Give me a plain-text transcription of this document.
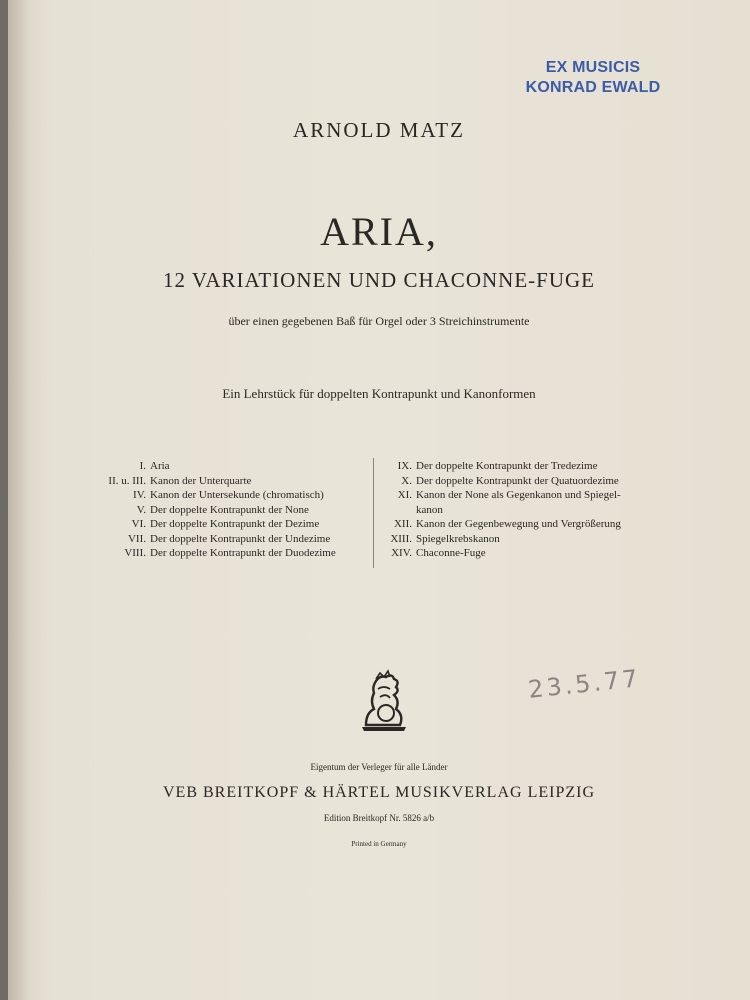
EX MUSICIS
KONRAD EWALD
ARNOLD MATZ
ARIA,
12 VARIATIONEN UND CHACONNE-FUGE
über einen gegebenen Baß für Orgel oder 3 Streichinstrumente
Ein Lehrstück für doppelten Kontrapunkt und Kanonformen
I. Aria
II. u. III. Kanon der Unterquarte
IV. Kanon der Untersekunde (chromatisch)
V. Der doppelte Kontrapunkt der None
VI. Der doppelte Kontrapunkt der Dezime
VII. Der doppelte Kontrapunkt der Undezime
VIII. Der doppelte Kontrapunkt der Duodezime
IX. Der doppelte Kontrapunkt der Tredezime
X. Der doppelte Kontrapunkt der Quatuordezime
XI. Kanon der None als Gegenkanon und Spiegel-
kanon
XII. Kanon der Gegenbewegung und Vergrößerung
XIII. Spiegelkrebskanon
XIV. Chaconne-Fuge
23.5.77
Eigentum der Verleger für alle Länder
VEB BREITKOPF & HÄRTEL MUSIKVERLAG LEIPZIG
Edition Breitkopf Nr. 5826 a/b
Printed in Germany
